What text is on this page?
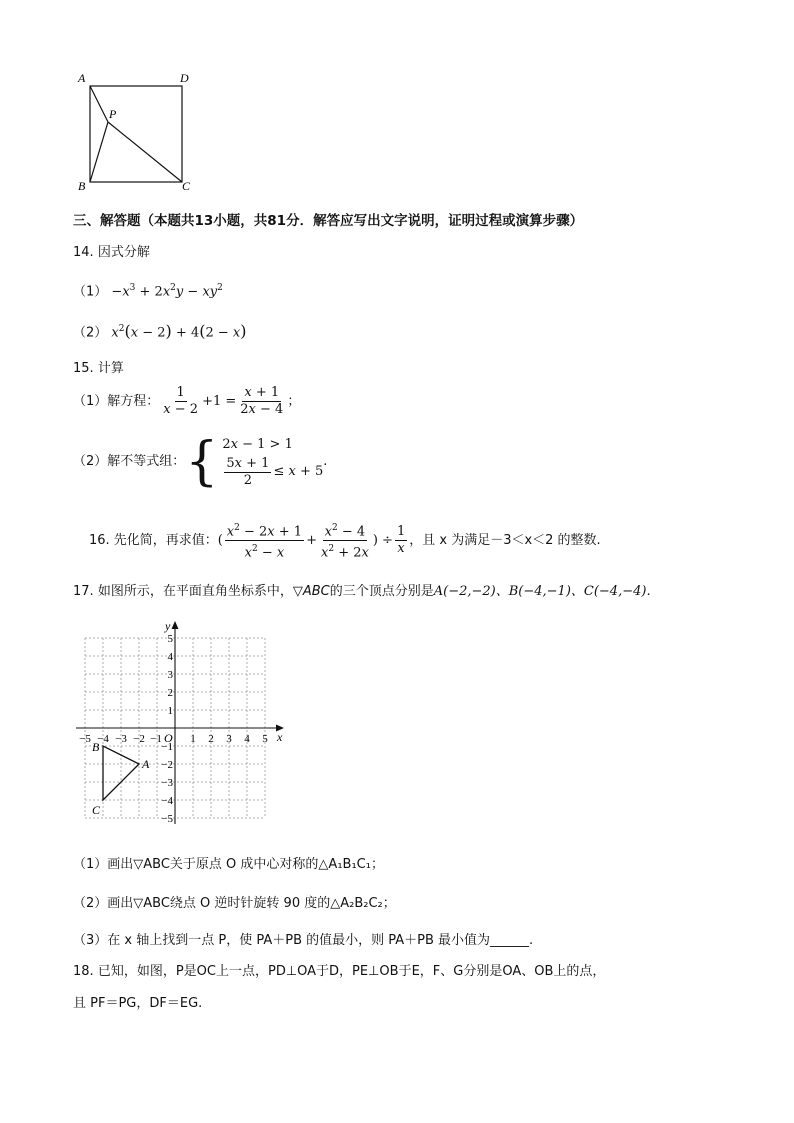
A	D
P
B	C
三、解答题（本题共13小题，共81分．解答应写出文字说明，证明过程或演算步骤）
14. 因式分解
$(1) -x^3 + 2x^2y - xy^2$
（2） $x^2(x - 2) + 4(2 - x)$
15. 计算
（1）解方程： $\frac{1}{x - 2} +1 = \frac{x + 1}{2x - 4}$ ；
（2）解不等式组： { 2x − 1 > 1
$\frac{5x + 1}{2} \le x + 5$
.
16. 先化简，再求值： ( $\frac{x^2 - 2x + 1}{x^2 - x} + \frac{x^2 - 4}{x^2 + 2x}$ ) ÷ $\frac{1}{x}$ ，且 x 为满足－3＜x＜2 的整数.
17. 如图所示，在平面直角坐标系中，▽ABC的三个顶点分别是A(−2,−2)、B(−4,−1)、C(−4,−4).
x
y
O
−5 −4 −3 −2 −1	1 2 3 4 5
5
4
3
2
1
−1
−2
−3
−4
−5
A
B
C
（1）画出▽ABC关于原点 O 成中心对称的△A₁B₁C₁；
（2）画出▽ABC绕点 O 逆时针旋转 90 度的△A₂B₂C₂；
（3）在 x 轴上找到一点 P，使 PA＋PB 的值最小，则 PA＋PB 最小值为______.
18. 已知，如图，P是OC上一点，PD⊥OA于D，PE⊥OB于E，F、G分别是OA、OB上的点，
且 PF＝PG，DF＝EG.
